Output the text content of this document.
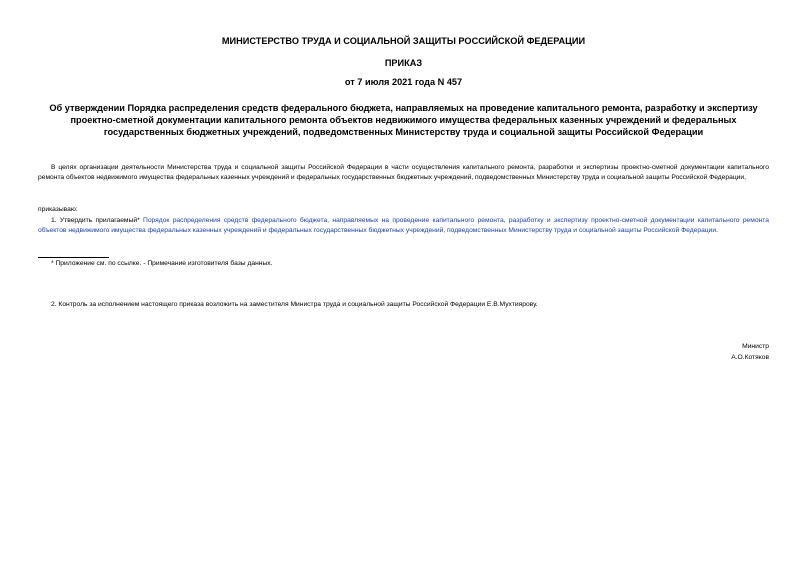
МИНИСТЕРСТВО ТРУДА И СОЦИАЛЬНОЙ ЗАЩИТЫ РОССИЙСКОЙ ФЕДЕРАЦИИ

ПРИКАЗ

от 7 июля 2021 года N 457

Об утверждении Порядка распределения средств федерального бюджета, направляемых на проведение капитального ремонта, разработку и экспертизу проектно-сметной документации капитального ремонта объектов недвижимого имущества федеральных казенных учреждений и федеральных государственных бюджетных учреждений, подведомственных Министерству труда и социальной защиты Российской Федерации

В целях организации деятельности Министерства труда и социальной защиты Российской Федерации в части осуществления капитального ремонта, разработки и экспертизы проектно-сметной документации капитального ремонта объектов недвижимого имущества федеральных казенных учреждений и федеральных государственных бюджетных учреждений, подведомственных Министерству труда и социальной защиты Российской Федерации,

приказываю:

1. Утвердить прилагаемый* Порядок распределения средств федерального бюджета, направляемых на проведение капитального ремонта, разработку и экспертизу проектно-сметной документации капитального ремонта объектов недвижимого имущества федеральных казенных учреждений и федеральных государственных бюджетных учреждений, подведомственных Министерству труда и социальной защиты Российской Федерации.

* Приложение см. по ссылке. - Примечание изготовителя базы данных.

2. Контроль за исполнением настоящего приказа возложить на заместителя Министра труда и социальной защиты Российской Федерации Е.В.Мухтиярову.

Министр
А.О.Котяков
